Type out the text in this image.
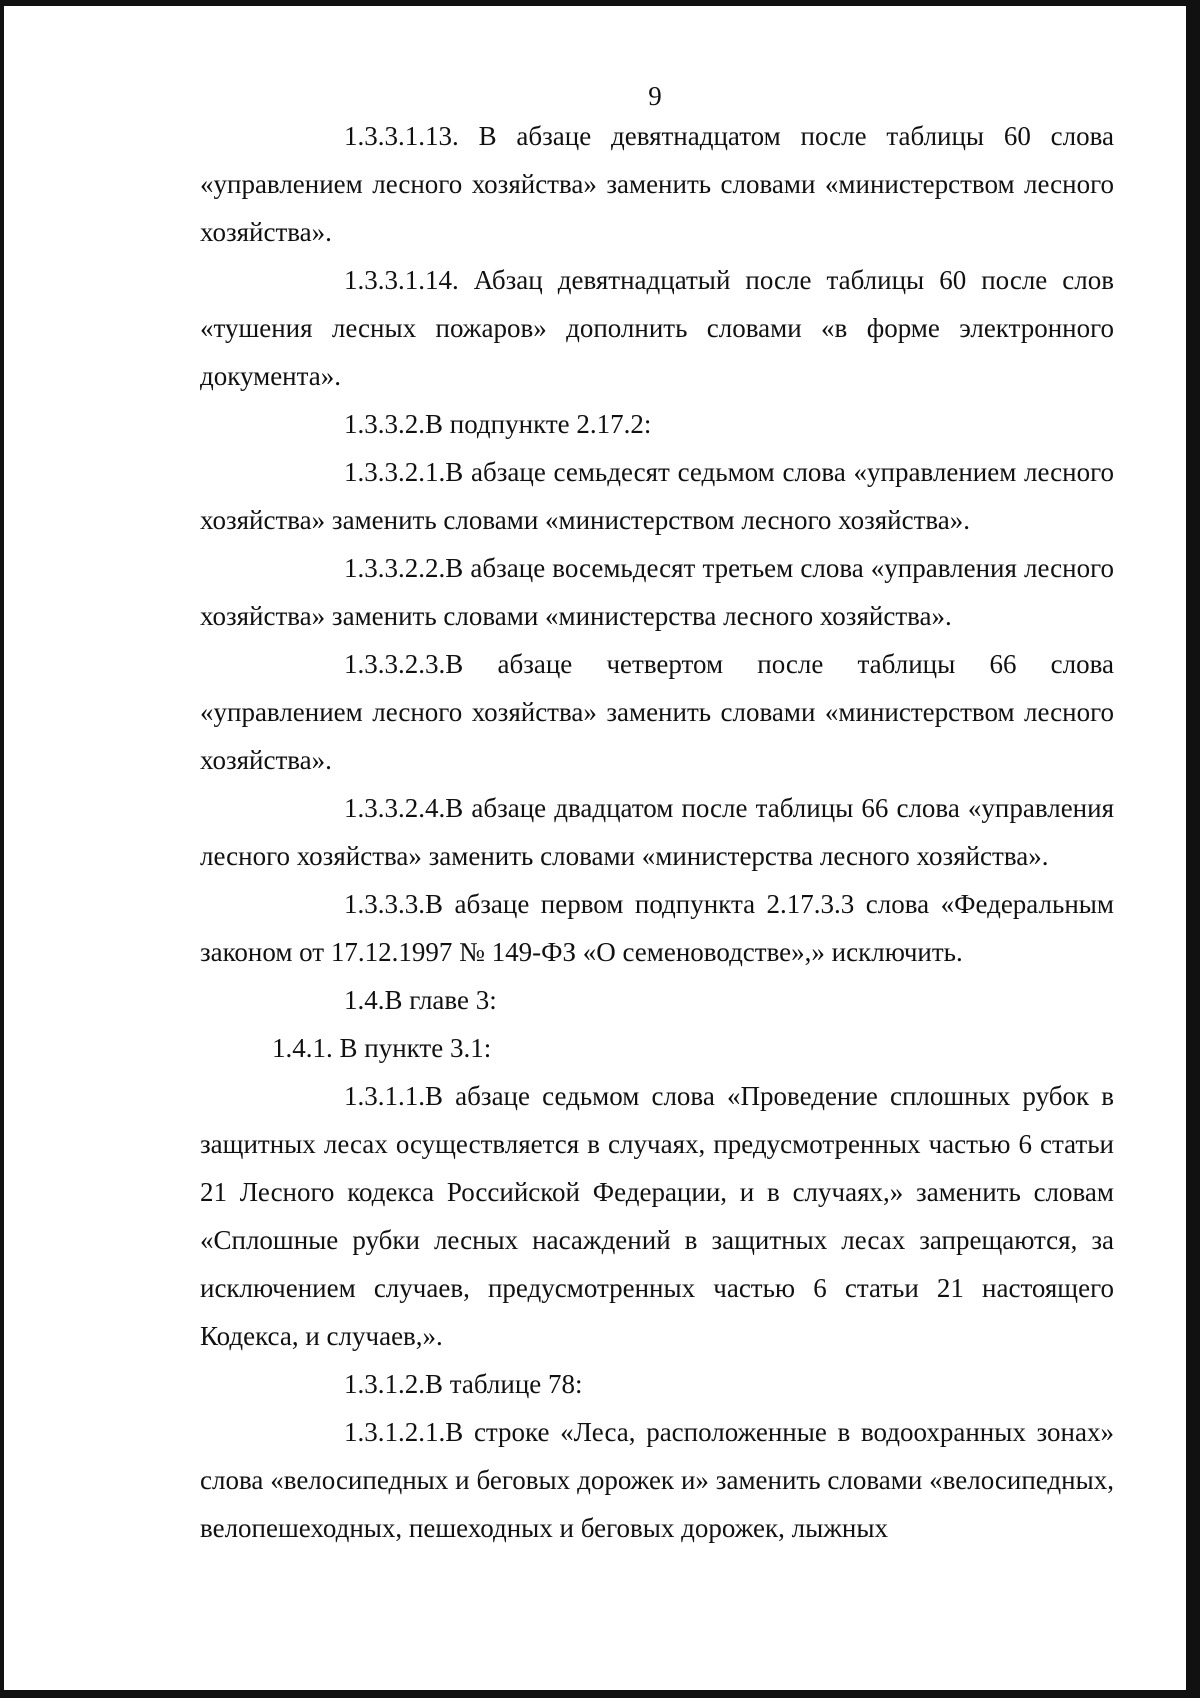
9

1.3.3.1.13. В абзаце девятнадцатом после таблицы 60 слова «управлением лесного хозяйства» заменить словами «министерством лесного хозяйства».

1.3.3.1.14. Абзац девятнадцатый после таблицы 60 после слов «тушения лесных пожаров» дополнить словами «в форме электронного документа».

1.3.3.2.В подпункте 2.17.2:

1.3.3.2.1.В абзаце семьдесят седьмом слова «управлением лесного хозяйства» заменить словами «министерством лесного хозяйства».

1.3.3.2.2.В абзаце восемьдесят третьем слова «управления лесного хозяйства» заменить словами «министерства лесного хозяйства».

1.3.3.2.3.В абзаце четвертом после таблицы 66 слова «управлением лесного хозяйства» заменить словами «министерством лесного хозяйства».

1.3.3.2.4.В абзаце двадцатом после таблицы 66 слова «управления лесного хозяйства» заменить словами «министерства лесного хозяйства».

1.3.3.3.В абзаце первом подпункта 2.17.3.3 слова «Федеральным законом от 17.12.1997 № 149-ФЗ «О семеноводстве»,» исключить.

1.4.В главе 3:

1.4.1. В пункте 3.1:

1.3.1.1.В абзаце седьмом слова «Проведение сплошных рубок в защитных лесах осуществляется в случаях, предусмотренных частью 6 статьи 21 Лесного кодекса Российской Федерации, и в случаях,» заменить словам «Сплошные рубки лесных насаждений в защитных лесах запрещаются, за исключением случаев, предусмотренных частью 6 статьи 21 настоящего Кодекса, и случаев,».

1.3.1.2.В таблице 78:

1.3.1.2.1.В строке «Леса, расположенные в водоохранных зонах» слова «велосипедных и беговых дорожек и» заменить словами «велосипедных, велопешеходных, пешеходных и беговых дорожек, лыжных
